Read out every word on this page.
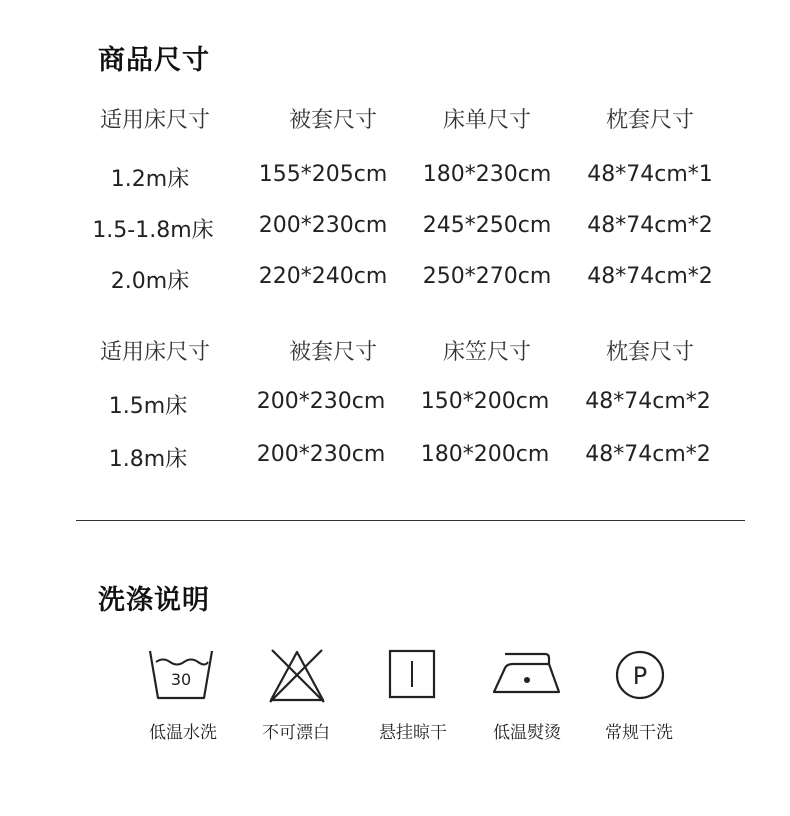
商品尺寸
适用床尺寸	被套尺寸	床单尺寸	枕套尺寸
1.2m床	155*205cm	180*230cm	48*74cm*1
1.5-1.8m床	200*230cm	245*250cm	48*74cm*2
2.0m床	220*240cm	250*270cm	48*74cm*2
适用床尺寸	被套尺寸	床笠尺寸	枕套尺寸
1.5m床	200*230cm	150*200cm	48*74cm*2
1.8m床	200*230cm	180*200cm	48*74cm*2
洗涤说明
30
低温水洗	不可漂白	悬挂晾干	低温熨烫
P
常规干洗
